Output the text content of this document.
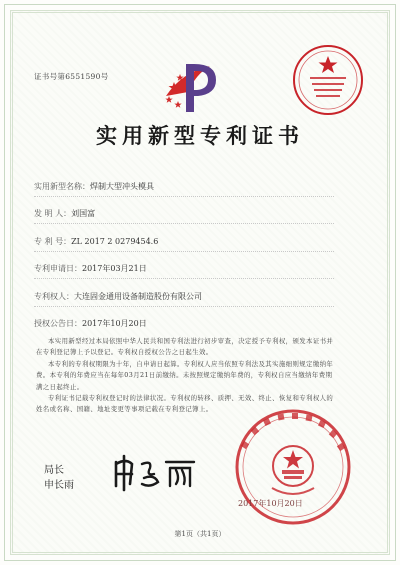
证书号第6551590号
实用新型专利证书
实用新型名称：焊制大型冲头模具
发 明 人：刘国富
专 利 号：ZL 2017 2 0279454.6
专利申请日：2017年03月21日
专利权人：大连固金通用设备制造股份有限公司
授权公告日：2017年10月20日

本实用新型经过本局依照中华人民共和国专利法进行初步审查，决定授予专利权，颁发本证书并在专利登记簿上予以登记。专利权自授权公告之日起生效。

本专利的专利权期限为十年，自申请日起算。专利权人应当依照专利法及其实施细则规定缴纳年费。本专利的年费应当在每年03月21日前缴纳。未按照规定缴纳年费的，专利权自应当缴纳年费期满之日起终止。

专利证书记载专利权登记时的法律状况。专利权的转移、质押、无效、终止、恢复和专利权人的姓名或名称、国籍、地址变更等事项记载在专利登记簿上。

局长
2017年10月20日
第1页（共1页）
申长雨
